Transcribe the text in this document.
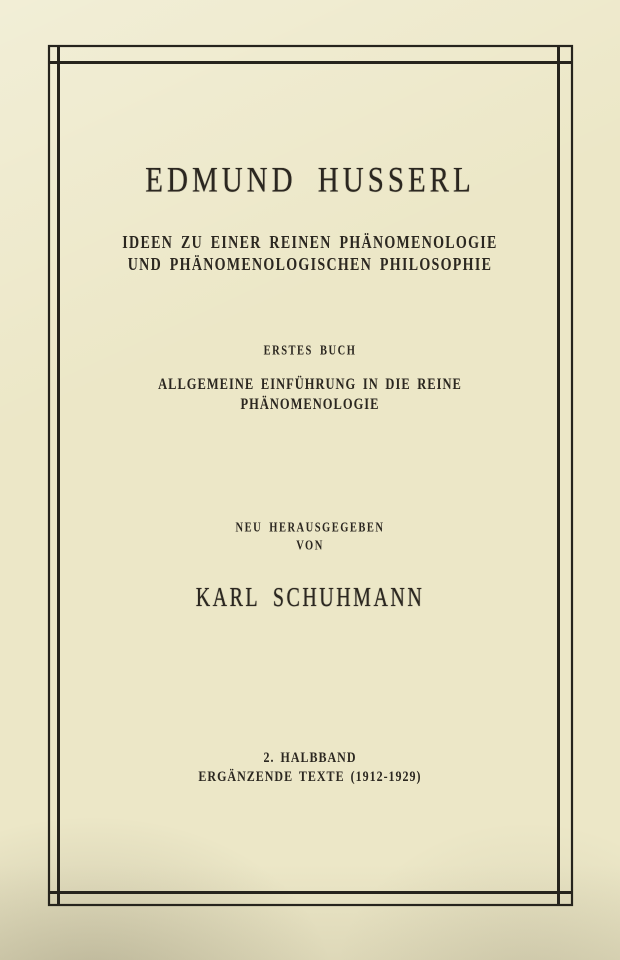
EDMUND HUSSERL
IDEEN ZU EINER REINEN PHÄNOMENOLOGIE
UND PHÄNOMENOLOGISCHEN PHILOSOPHIE
ERSTES BUCH
ALLGEMEINE EINFÜHRUNG IN DIE REINE
PHÄNOMENOLOGIE
NEU HERAUSGEGEBEN
VON
KARL SCHUHMANN
2. HALBBAND
ERGÄNZENDE TEXTE (1912-1929)
